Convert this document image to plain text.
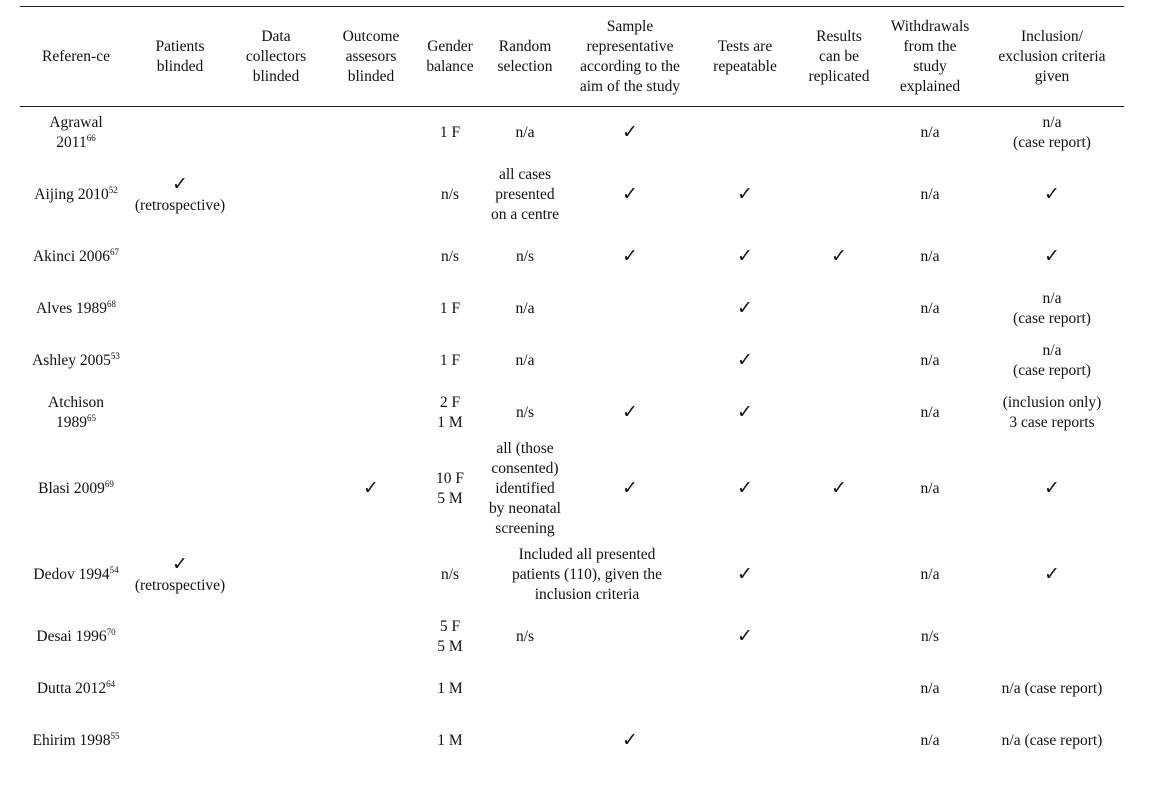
Referen-ce	Patients
blinded	Data
collectors
blinded	Outcome
assesors
blinded	Gender
balance	Random
selection	Sample
representative
according to the
aim of the study	Tests are
repeatable	Results
can be
replicated	Withdrawals
from the
study
explained	Inclusion/
exclusion criteria
given
Agrawal
2011$^{66}$				1 F	n/a	✓			n/a	n/a
(case report)
Aijing 2010$^{52}$	✓
(retrospective)			n/s	all cases
presented
on a centre	✓	✓		n/a	✓
Akinci 2006$^{67}$				n/s	n/s	✓	✓	✓	n/a	✓
Alves 1989$^{68}$				1 F	n/a		✓		n/a	n/a
(case report)
Ashley 2005$^{53}$				1 F	n/a		✓		n/a	n/a
(case report)
Atchison
1989$^{65}$				2 F
1 M	n/s	✓	✓		n/a	(inclusion only)
3 case reports
Blasi 2009$^{69}$			✓	10 F
5 M	all (those
consented)
identified
by neonatal
screening	✓	✓	✓	n/a	✓
Dedov 1994$^{54}$	✓
(retrospective)			n/s	Included all presented
patients (110), given the
inclusion criteria		✓		n/a	✓
Desai 1996$^{70}$				5 F
5 M	n/s		✓		n/s	
Dutta 2012$^{64}$				1 M					n/a	n/a (case report)
Ehirim 1998$^{55}$				1 M		✓			n/a	n/a (case report)
